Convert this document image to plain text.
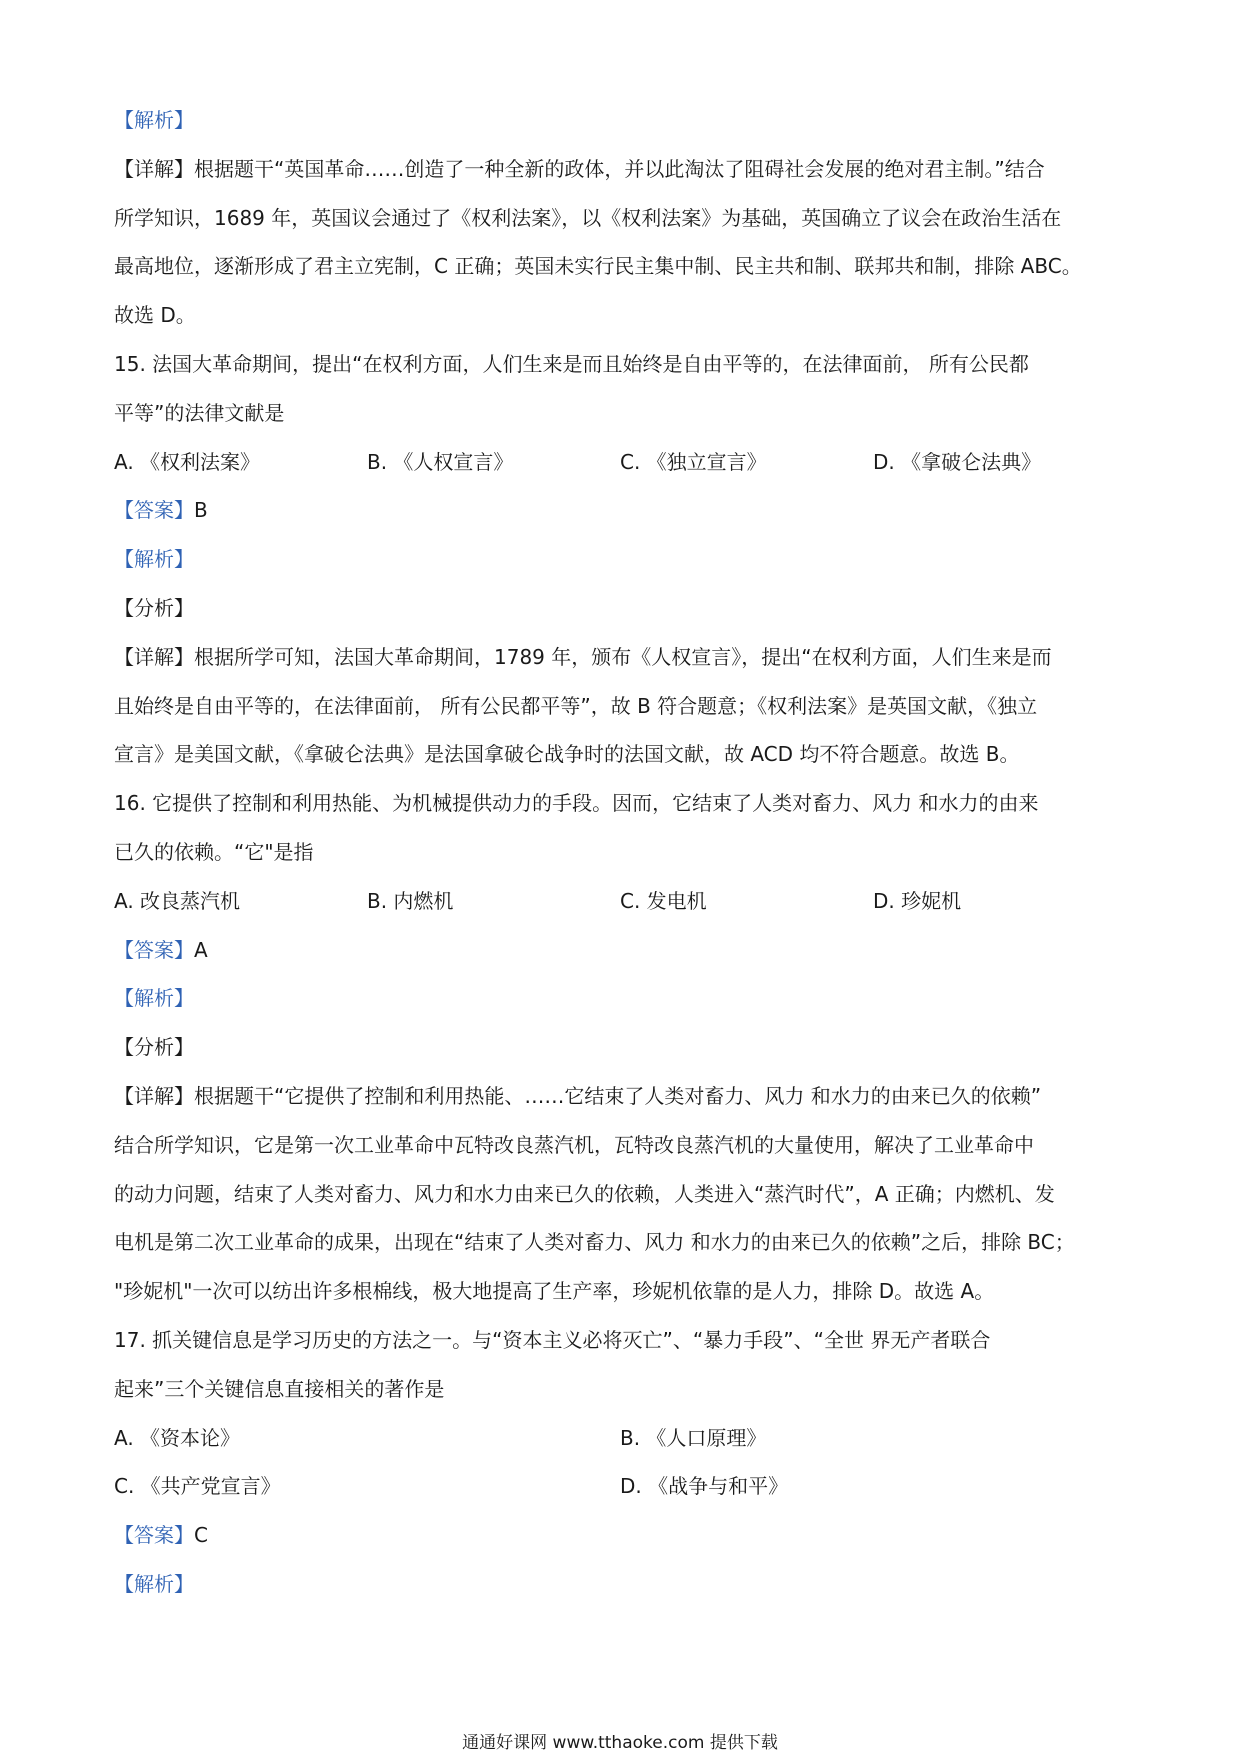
【解析】
【详解】根据题干“英国革命……创造了一种全新的政体，并以此淘汰了阻碍社会发展的绝对君主制。”结合
所学知识，1689 年，英国议会通过了《权利法案》，以《权利法案》为基础，英国确立了议会在政治生活在
最高地位，逐渐形成了君主立宪制，C 正确；英国未实行民主集中制、民主共和制、联邦共和制，排除 ABC。
故选 D。
15. 法国大革命期间，提出“在权利方面，人们生来是而且始终是自由平等的，在法律面前， 所有公民都
平等”的法律文献是
A. 《权利法案》	B. 《人权宣言》	C. 《独立宣言》	D. 《拿破仑法典》
【答案】B
【解析】
【分析】
【详解】根据所学可知，法国大革命期间，1789 年，颁布《人权宣言》，提出“在权利方面，人们生来是而
且始终是自由平等的，在法律面前， 所有公民都平等”，故 B 符合题意；《权利法案》是英国文献，《独立
宣言》是美国文献，《拿破仑法典》是法国拿破仑战争时的法国文献，故 ACD 均不符合题意。故选 B。
16. 它提供了控制和利用热能、为机械提供动力的手段。因而，它结束了人类对畜力、风力 和水力的由来
已久的依赖。“它"是指
A. 改良蒸汽机	B. 内燃机	C. 发电机	D. 珍妮机
【答案】A
【解析】
【分析】
【详解】根据题干“它提供了控制和利用热能、……它结束了人类对畜力、风力 和水力的由来已久的依赖”
结合所学知识，它是第一次工业革命中瓦特改良蒸汽机，瓦特改良蒸汽机的大量使用，解决了工业革命中
的动力问题，结束了人类对畜力、风力和水力由来已久的依赖，人类进入“蒸汽时代”，A 正确；内燃机、发
电机是第二次工业革命的成果，出现在“结束了人类对畜力、风力 和水力的由来已久的依赖”之后，排除 BC；
"珍妮机"一次可以纺出许多根棉线，极大地提高了生产率，珍妮机依靠的是人力，排除 D。故选 A。
17. 抓关键信息是学习历史的方法之一。与“资本主义必将灭亡”、“暴力手段”、“全世 界无产者联合
起来”三个关键信息直接相关的著作是
A. 《资本论》	B. 《人口原理》
C. 《共产党宣言》	D. 《战争与和平》
【答案】C
【解析】
通通好课网 www.tthaoke.com 提供下载
